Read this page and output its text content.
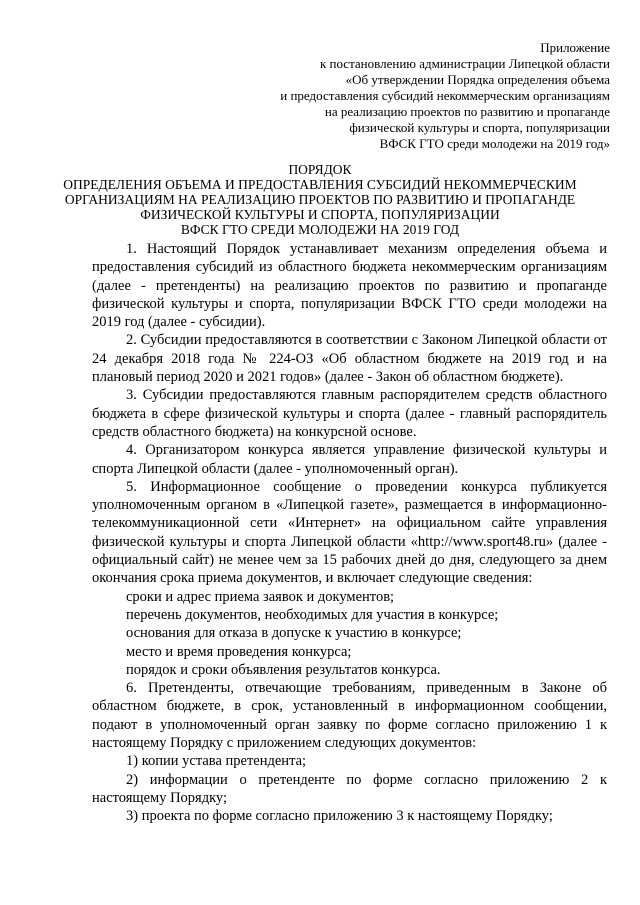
Приложение
к постановлению администрации Липецкой области
«Об утверждении Порядка определения объема
и предоставления субсидий некоммерческим организациям
на реализацию проектов по развитию и пропаганде
физической культуры и спорта, популяризации
ВФСК ГТО среди молодежи на 2019 год»
ПОРЯДОК
ОПРЕДЕЛЕНИЯ ОБЪЕМА И ПРЕДОСТАВЛЕНИЯ СУБСИДИЙ НЕКОММЕРЧЕСКИМ
ОРГАНИЗАЦИЯМ НА РЕАЛИЗАЦИЮ ПРОЕКТОВ ПО РАЗВИТИЮ И ПРОПАГАНДЕ
ФИЗИЧЕСКОЙ КУЛЬТУРЫ И СПОРТА, ПОПУЛЯРИЗАЦИИ
ВФСК ГТО СРЕДИ МОЛОДЕЖИ НА 2019 ГОД

1. Настоящий Порядок устанавливает механизм определения объема и предоставления субсидий из областного бюджета некоммерческим организациям (далее - претенденты) на реализацию проектов по развитию и пропаганде физической культуры и спорта, популяризации ВФСК ГТО среди молодежи на 2019 год (далее - субсидии).

2. Субсидии предоставляются в соответствии с Законом Липецкой области от 24 декабря 2018 года № 224-ОЗ «Об областном бюджете на 2019 год и на плановый период 2020 и 2021 годов» (далее - Закон об областном бюджете).

3. Субсидии предоставляются главным распорядителем средств областного бюджета в сфере физической культуры и спорта (далее - главный распорядитель средств областного бюджета) на конкурсной основе.

4. Организатором конкурса является управление физической культуры и спорта Липецкой области (далее - уполномоченный орган).

5. Информационное сообщение о проведении конкурса публикуется уполномоченным органом в «Липецкой газете», размещается в информационно-телекоммуникационной сети «Интернет» на официальном сайте управления физической культуры и спорта Липецкой области «http://www.sport48.ru» (далее - официальный сайт) не менее чем за 15 рабочих дней до дня, следующего за днем окончания срока приема документов, и включает следующие сведения:

сроки и адрес приема заявок и документов;

перечень документов, необходимых для участия в конкурсе;

основания для отказа в допуске к участию в конкурсе;

место и время проведения конкурса;

порядок и сроки объявления результатов конкурса.

6. Претенденты, отвечающие требованиям, приведенным в Законе об областном бюджете, в срок, установленный в информационном сообщении, подают в уполномоченный орган заявку по форме согласно приложению 1 к настоящему Порядку с приложением следующих документов:

1) копии устава претендента;

2) информации о претенденте по форме согласно приложению 2 к настоящему Порядку;

3) проекта по форме согласно приложению 3 к настоящему Порядку;
